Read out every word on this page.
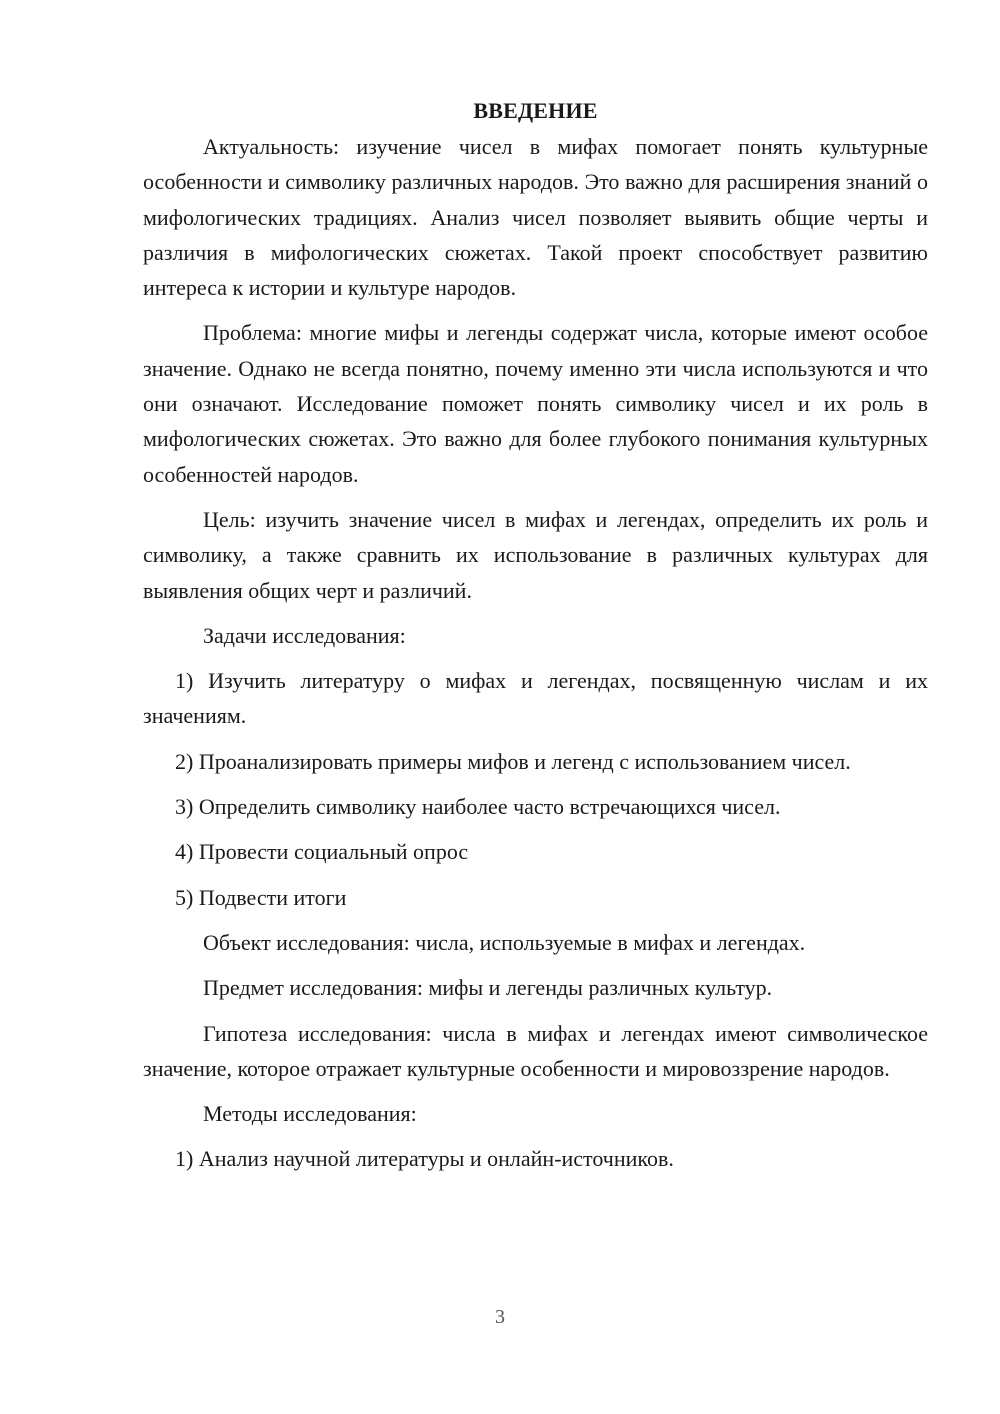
ВВЕДЕНИЕ

Актуальность: изучение чисел в мифах помогает понять культурные особенности и символику различных народов. Это важно для расширения знаний о мифологических традициях. Анализ чисел позволяет выявить общие черты и различия в мифологических сюжетах. Такой проект способствует развитию интереса к истории и культуре народов.

Проблема: многие мифы и легенды содержат числа, которые имеют особое значение. Однако не всегда понятно, почему именно эти числа используются и что они означают. Исследование поможет понять символику чисел и их роль в мифологических сюжетах. Это важно для более глубокого понимания культурных особенностей народов.

Цель: изучить значение чисел в мифах и легендах, определить их роль и символику, а также сравнить их использование в различных культурах для выявления общих черт и различий.

Задачи исследования:

1) Изучить литературу о мифах и легендах, посвященную числам и их значениям.

2) Проанализировать примеры мифов и легенд с использованием чисел.

3) Определить символику наиболее часто встречающихся чисел.

4) Провести социальный опрос

5) Подвести итоги

Объект исследования: числа, используемые в мифах и легендах.

Предмет исследования: мифы и легенды различных культур.

Гипотеза исследования: числа в мифах и легендах имеют символическое значение, которое отражает культурные особенности и мировоззрение народов.

Методы исследования:

1) Анализ научной литературы и онлайн-источников.

3
